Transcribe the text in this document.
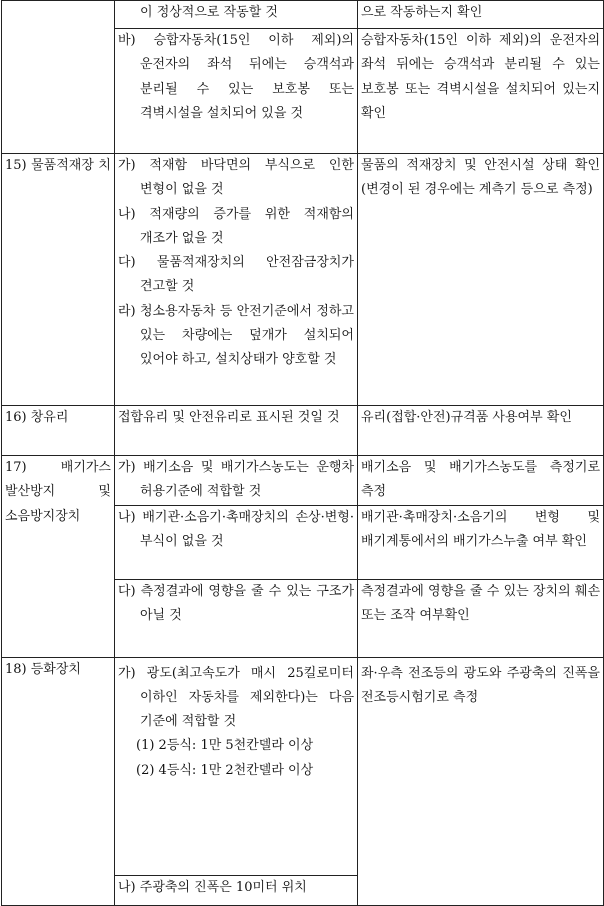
	이 정상적으로 작동할 것	으로 작동하는지 확인

	바) 승합자동차(15인 이하 제외)의 운전자의 좌석 뒤에는 승객석과 분리될 수 있는 보호봉 또는 격벽시설을 설치되어 있을 것	승합자동차(15인 이하 제외)의 운전자의 좌석 뒤에는 승객석과 분리될 수 있는 보호봉 또는 격벽시설을 설치되어 있는지 확인

15) 물품적재장 치	가) 적재함 바닥면의 부식으로 인한 변형이 없을 것
나) 적재량의 증가를 위한 적재함의 개조가 없을 것
다) 물품적재장치의 안전잠금장치가 견고할 것
라) 청소용자동차 등 안전기준에서 정하고 있는 차량에는 덮개가 설치되어 있어야 하고, 설치상태가 양호할 것	물품의 적재장치 및 안전시설 상태 확인(변경이 된 경우에는 계측기 등으로 측정)

16) 창유리	접합유리 및 안전유리로 표시된 것일 것	유리(접합·안전)규격품 사용여부 확인

17) 배기가스 발산방지 및 소음방지장치	가) 배기소음 및 배기가스농도는 운행차 허용기준에 적합할 것	배기소음 및 배기가스농도를 측정기로 측정

	나) 배기관·소음기·촉매장치의 손상·변형·부식이 없을 것	배기관·촉매장치·소음기의 변형 및 배기계통에서의 배기가스누출 여부 확인

	다) 측정결과에 영향을 줄 수 있는 구조가 아닐 것	측정결과에 영향을 줄 수 있는 장치의 훼손 또는 조작 여부확인

18) 등화장치	가) 광도(최고속도가 매시 25킬로미터 이하인 자동차를 제외한다)는 다음 기준에 적합할 것
(1) 2등식: 1만 5천칸델라 이상
(2) 4등식: 1만 2천칸델라 이상	좌·우측 전조등의 광도와 주광축의 진폭을 전조등시험기로 측정

	나) 주광축의 진폭은 10미터 위치	
